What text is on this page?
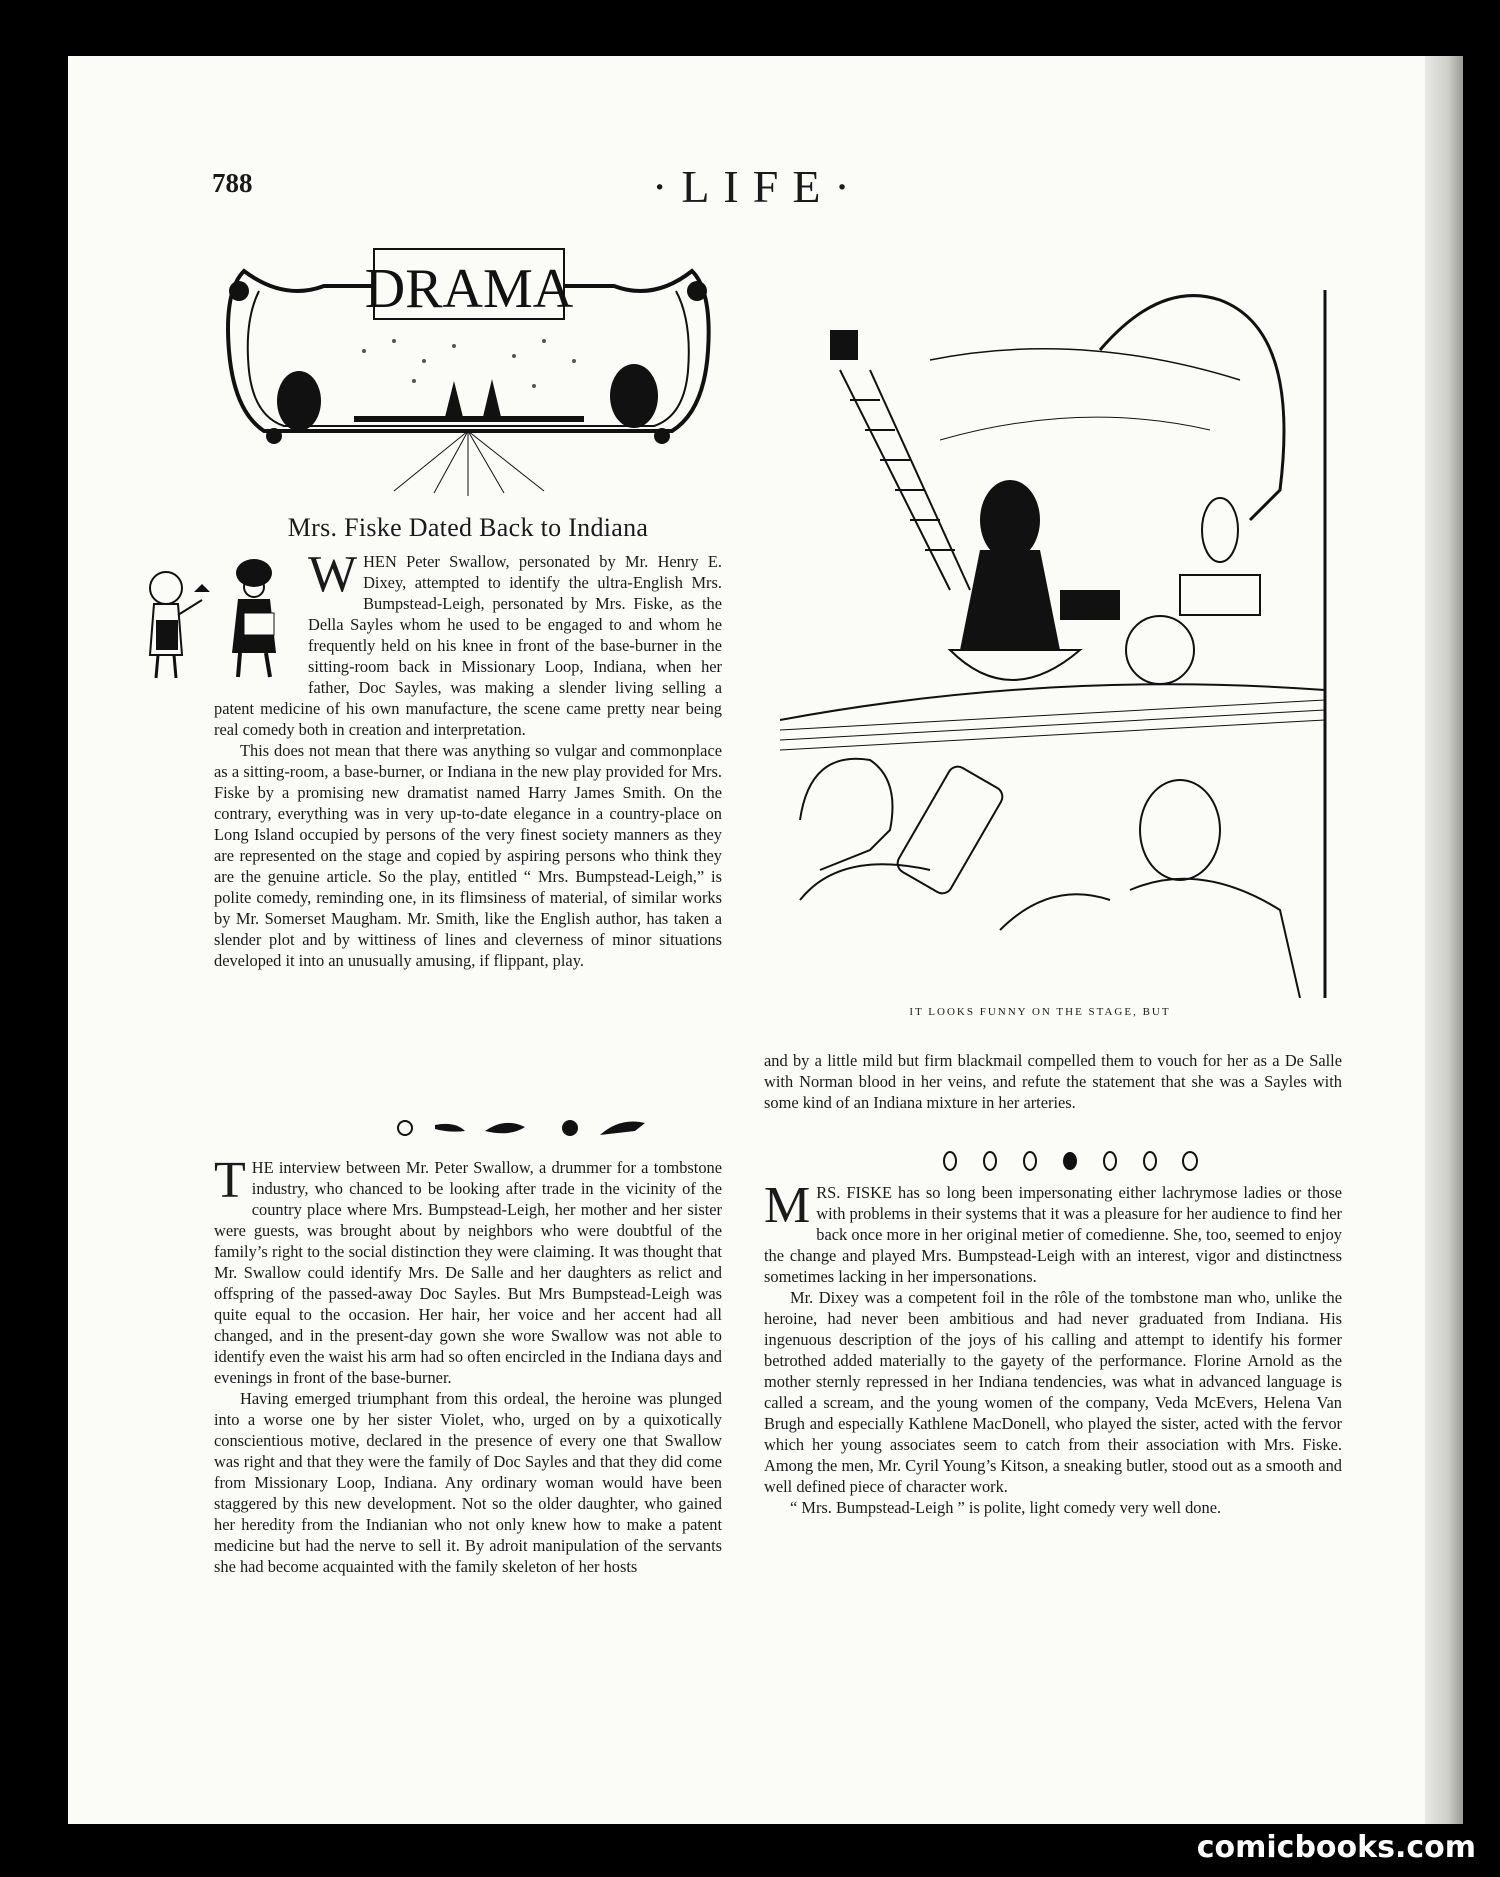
788	·LIFE·
DRAMA
Mrs. Fiske Dated Back to Indiana
W HEN Peter Swallow, personated by Mr. Henry E. Dixey, attempted to identify the ultra-English Mrs. Bumpstead-Leigh, personated by Mrs. Fiske, as the Della Sayles whom he used to be engaged to and whom he frequently held on his knee in front of the base-burner in the sitting-room back in Missionary Loop, Indiana, when her father, Doc Sayles, was making a slender living selling a patent medicine of his own manufacture, the scene came pretty near being real comedy both in creation and interpretation.

This does not mean that there was anything so vulgar and commonplace as a sitting-room, a base-burner, or Indiana in the new play provided for Mrs. Fiske by a promising new dramatist named Harry James Smith. On the contrary, everything was in very up-to-date elegance in a country-place on Long Island occupied by persons of the very finest society manners as they are represented on the stage and copied by aspiring persons who think they are the genuine article. So the play, entitled “ Mrs. Bumpstead-Leigh,” is polite comedy, reminding one, in its flimsiness of material, of similar works by Mr. Somerset Maugham. Mr. Smith, like the English author, has taken a slender plot and by wittiness of lines and cleverness of minor situations developed it into an unusually amusing, if flippant, play.

T HE interview between Mr. Peter Swallow, a drummer for a tombstone industry, who chanced to be looking after trade in the vicinity of the country place where Mrs. Bumpstead-Leigh, her mother and her sister were guests, was brought about by neighbors who were doubtful of the family’s right to the social distinction they were claiming. It was thought that Mr. Swallow could identify Mrs. De Salle and her daughters as relict and offspring of the passed-away Doc Sayles. But Mrs Bumpstead-Leigh was quite equal to the occasion. Her hair, her voice and her accent had all changed, and in the present-day gown she wore Swallow was not able to identify even the waist his arm had so often encircled in the Indiana days and evenings in front of the base-burner.

Having emerged triumphant from this ordeal, the heroine was plunged into a worse one by her sister Violet, who, urged on by a quixotically conscientious motive, declared in the presence of every one that Swallow was right and that they were the family of Doc Sayles and that they did come from Missionary Loop, Indiana. Any ordinary woman would have been staggered by this new development. Not so the older daughter, who gained her heredity from the Indianian who not only knew how to make a patent medicine but had the nerve to sell it. By adroit manipulation of the servants she had become acquainted with the family skeleton of her hosts

IT LOOKS FUNNY ON THE STAGE, BUT

and by a little mild but firm blackmail compelled them to vouch for her as a De Salle with Norman blood in her veins, and refute the statement that she was a Sayles with some kind of an Indiana mixture in her arteries.

M RS. FISKE has so long been impersonating either lachrymose ladies or those with problems in their systems that it was a pleasure for her audience to find her back once more in her original metier of comedienne. She, too, seemed to enjoy the change and played Mrs. Bumpstead-Leigh with an interest, vigor and distinctness sometimes lacking in her impersonations.

Mr. Dixey was a competent foil in the rôle of the tombstone man who, unlike the heroine, had never been ambitious and had never graduated from Indiana. His ingenuous description of the joys of his calling and attempt to identify his former betrothed added materially to the gayety of the performance. Florine Arnold as the mother sternly repressed in her Indiana tendencies, was what in advanced language is called a scream, and the young women of the company, Veda McEvers, Helena Van Brugh and especially Kathlene MacDonell, who played the sister, acted with the fervor which her young associates seem to catch from their association with Mrs. Fiske. Among the men, Mr. Cyril Young’s Kitson, a sneaking butler, stood out as a smooth and well defined piece of character work.

“ Mrs. Bumpstead-Leigh ” is polite, light comedy very well done.

comicbooks.com
